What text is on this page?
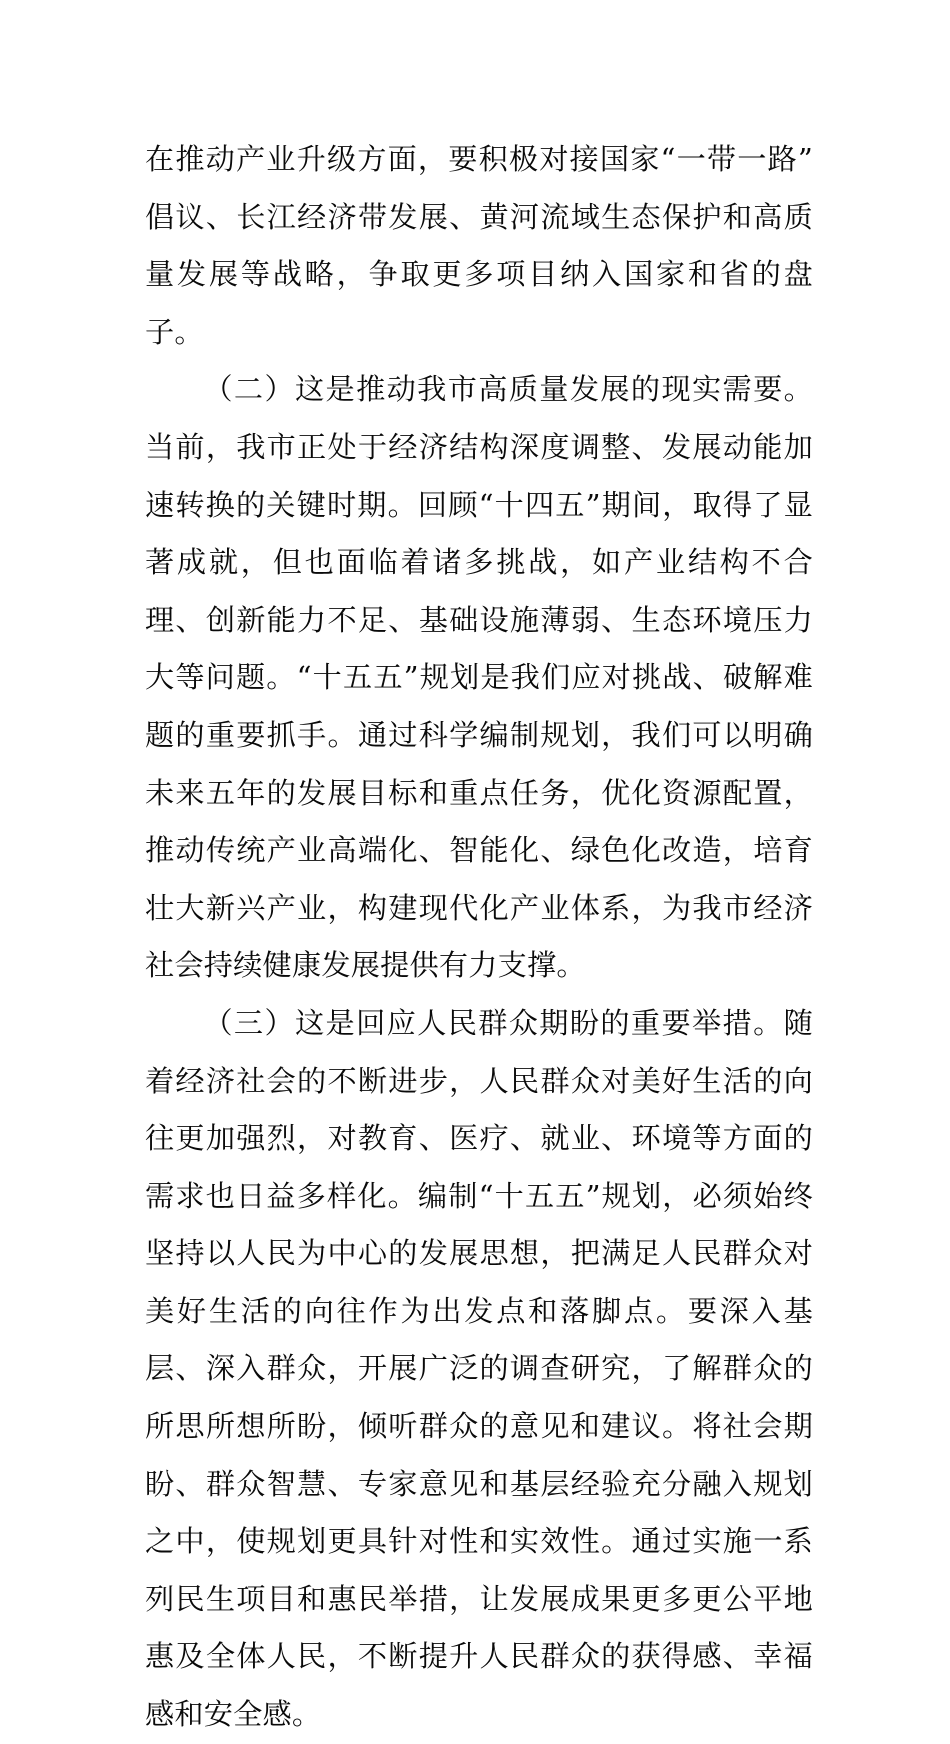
在推动产业升级方面，要积极对接国家“一带一路”倡议、长江经济带发展、黄河流域生态保护和高质量发展等战略，争取更多项目纳入国家和省的盘子。

（二）这是推动我市高质量发展的现实需要。当前，我市正处于经济结构深度调整、发展动能加速转换的关键时期。回顾“十四五”期间，取得了显著成就，但也面临着诸多挑战，如产业结构不合理、创新能力不足、基础设施薄弱、生态环境压力大等问题。“十五五”规划是我们应对挑战、破解难题的重要抓手。通过科学编制规划，我们可以明确未来五年的发展目标和重点任务，优化资源配置，推动传统产业高端化、智能化、绿色化改造，培育壮大新兴产业，构建现代化产业体系，为我市经济社会持续健康发展提供有力支撑。

（三）这是回应人民群众期盼的重要举措。随着经济社会的不断进步，人民群众对美好生活的向往更加强烈，对教育、医疗、就业、环境等方面的需求也日益多样化。编制“十五五”规划，必须始终坚持以人民为中心的发展思想，把满足人民群众对美好生活的向往作为出发点和落脚点。要深入基层、深入群众，开展广泛的调查研究，了解群众的所思所想所盼，倾听群众的意见和建议。将社会期盼、群众智慧、专家意见和基层经验充分融入规划之中，使规划更具针对性和实效性。通过实施一系列民生项目和惠民举措，让发展成果更多更公平地惠及全体人民，不断提升人民群众的获得感、幸福感和安全感。
